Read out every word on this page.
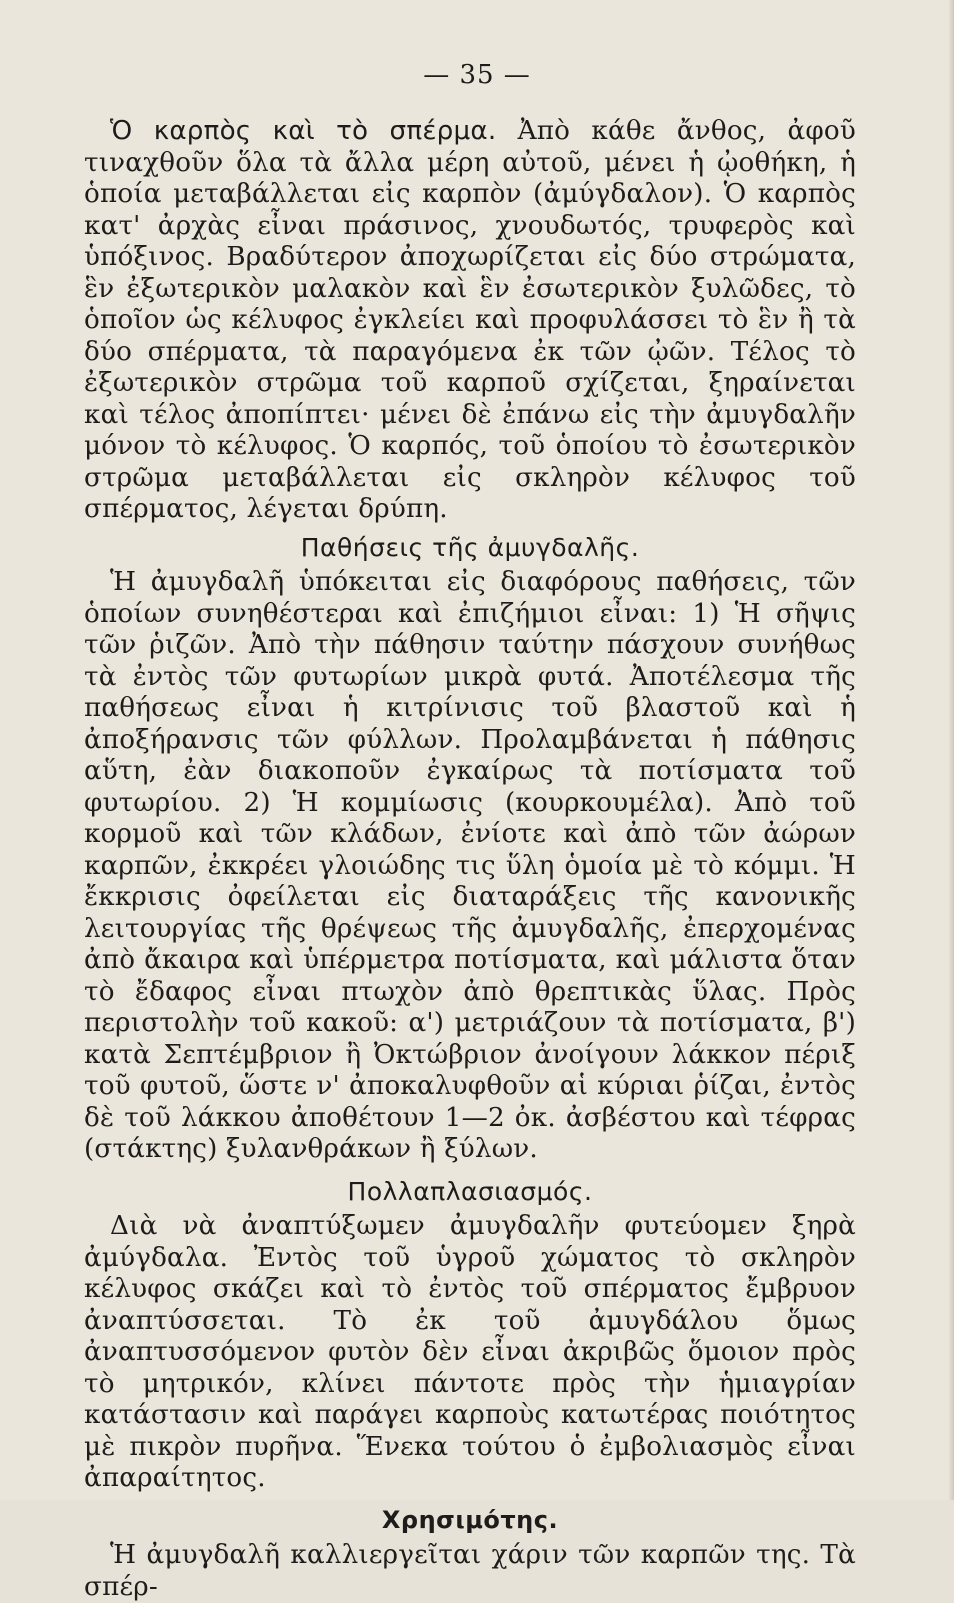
— 35 —

Ὁ καρπὸς καὶ τὸ σπέρμα. Ἀπὸ κάθε ἄνθος, ἀφοῦ τιναχθοῦν ὅλα τὰ ἄλλα μέρη αὐτοῦ, μένει ἡ ᾠοθήκη, ἡ ὁποία μεταβάλλεται εἰς καρπὸν (ἀμύγδαλον). Ὁ καρπὸς κατ' ἀρχὰς εἶναι πράσινος, χνουδωτός, τρυφερὸς καὶ ὑπόξινος. Βραδύτερον ἀποχωρίζεται εἰς δύο στρώματα, ἓν ἐξωτερικὸν μαλακὸν καὶ ἓν ἐσωτερικὸν ξυλῶδες, τὸ ὁποῖον ὡς κέλυφος ἐγκλείει καὶ προφυλάσσει τὸ ἓν ἢ τὰ δύο σπέρματα, τὰ παραγόμενα ἐκ τῶν ᾠῶν. Τέλος τὸ ἐξωτερικὸν στρῶμα τοῦ καρποῦ σχίζεται, ξηραίνεται καὶ τέλος ἀποπίπτει· μένει δὲ ἐπάνω εἰς τὴν ἀμυγδαλῆν μόνον τὸ κέλυφος. Ὁ καρπός, τοῦ ὁποίου τὸ ἐσωτερικὸν στρῶμα μεταβάλλεται εἰς σκληρὸν κέλυφος τοῦ σπέρματος, λέγεται δρύπη.

Παθήσεις τῆς ἀμυγδαλῆς.

Ἡ ἀμυγδαλῆ ὑπόκειται εἰς διαφόρους παθήσεις, τῶν ὁποίων συνηθέστεραι καὶ ἐπιζήμιοι εἶναι: 1) Ἡ σῆψις τῶν ῥιζῶν. Ἀπὸ τὴν πάθησιν ταύτην πάσχουν συνήθως τὰ ἐντὸς τῶν φυτωρίων μικρὰ φυτά. Ἀποτέλεσμα τῆς παθήσεως εἶναι ἡ κιτρίνισις τοῦ βλαστοῦ καὶ ἡ ἀποξήρανσις τῶν φύλλων. Προλαμβάνεται ἡ πάθησις αὕτη, ἐὰν διακοποῦν ἐγκαίρως τὰ ποτίσματα τοῦ φυτωρίου. 2) Ἡ κομμίωσις (κουρκουμέλα). Ἀπὸ τοῦ κορμοῦ καὶ τῶν κλάδων, ἐνίοτε καὶ ἀπὸ τῶν ἀώρων καρπῶν, ἐκκρέει γλοιώδης τις ὕλη ὁμοία μὲ τὸ κόμμι. Ἡ ἔκκρισις ὀφείλεται εἰς διαταράξεις τῆς κανονικῆς λειτουργίας τῆς θρέψεως τῆς ἀμυγδαλῆς, ἐπερχομένας ἀπὸ ἄκαιρα καὶ ὑπέρμετρα ποτίσματα, καὶ μάλιστα ὅταν τὸ ἔδαφος εἶναι πτωχὸν ἀπὸ θρεπτικὰς ὕλας. Πρὸς περιστολὴν τοῦ κακοῦ: α') μετριάζουν τὰ ποτίσματα, β') κατὰ Σεπτέμβριον ἢ Ὀκτώβριον ἀνοίγουν λάκκον πέριξ τοῦ φυτοῦ, ὥστε ν' ἀποκαλυφθοῦν αἱ κύριαι ῥίζαι, ἐντὸς δὲ τοῦ λάκκου ἀποθέτουν 1—2 ὀκ. ἀσβέστου καὶ τέφρας (στάκτης) ξυλανθράκων ἢ ξύλων.

Πολλαπλασιασμός.

Διὰ νὰ ἀναπτύξωμεν ἀμυγδαλῆν φυτεύομεν ξηρὰ ἀμύγδαλα. Ἐντὸς τοῦ ὑγροῦ χώματος τὸ σκληρὸν κέλυφος σκάζει καὶ τὸ ἐντὸς τοῦ σπέρματος ἔμβρυον ἀναπτύσσεται. Τὸ ἐκ τοῦ ἀμυγδάλου ὅμως ἀναπτυσσόμενον φυτὸν δὲν εἶναι ἀκριβῶς ὅμοιον πρὸς τὸ μητρικόν, κλίνει πάντοτε πρὸς τὴν ἡμιαγρίαν κατάστασιν καὶ παράγει καρποὺς κατωτέρας ποιότητος μὲ πικρὸν πυρῆνα. Ἕνεκα τούτου ὁ ἐμβολιασμὸς εἶναι ἀπαραίτητος.

Χρησιμότης.

Ἡ ἀμυγδαλῆ καλλιεργεῖται χάριν τῶν καρπῶν της. Τὰ σπέρ-
